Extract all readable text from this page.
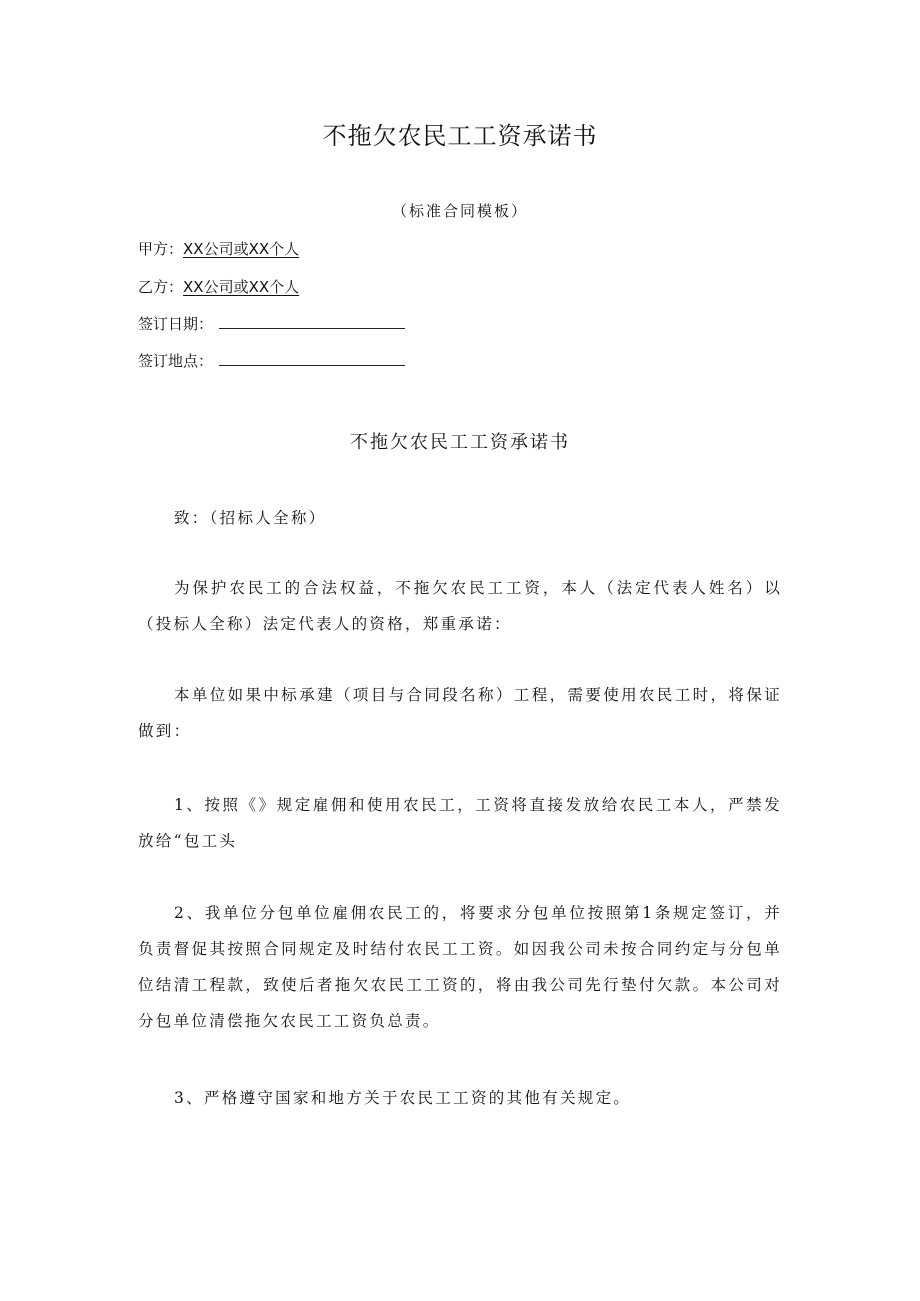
不拖欠农民工工资承诺书
（标准合同模板）
甲方：XX公司或XX个人
乙方：XX公司或XX个人
签订日期：
签订地点：
不拖欠农民工工资承诺书

致：（招标人全称）

为保护农民工的合法权益，不拖欠农民工工资，本人（法定代表人姓名）以（投标人全称）法定代表人的资格，郑重承诺：

本单位如果中标承建（项目与合同段名称）工程，需要使用农民工时，将保证做到：

1、按照《》规定雇佣和使用农民工，工资将直接发放给农民工本人，严禁发放给“包工头

2、我单位分包单位雇佣农民工的，将要求分包单位按照第1条规定签订，并负责督促其按照合同规定及时结付农民工工资。如因我公司未按合同约定与分包单位结清工程款，致使后者拖欠农民工工资的，将由我公司先行垫付欠款。本公司对分包单位清偿拖欠农民工工资负总责。

3、严格遵守国家和地方关于农民工工资的其他有关规定。
